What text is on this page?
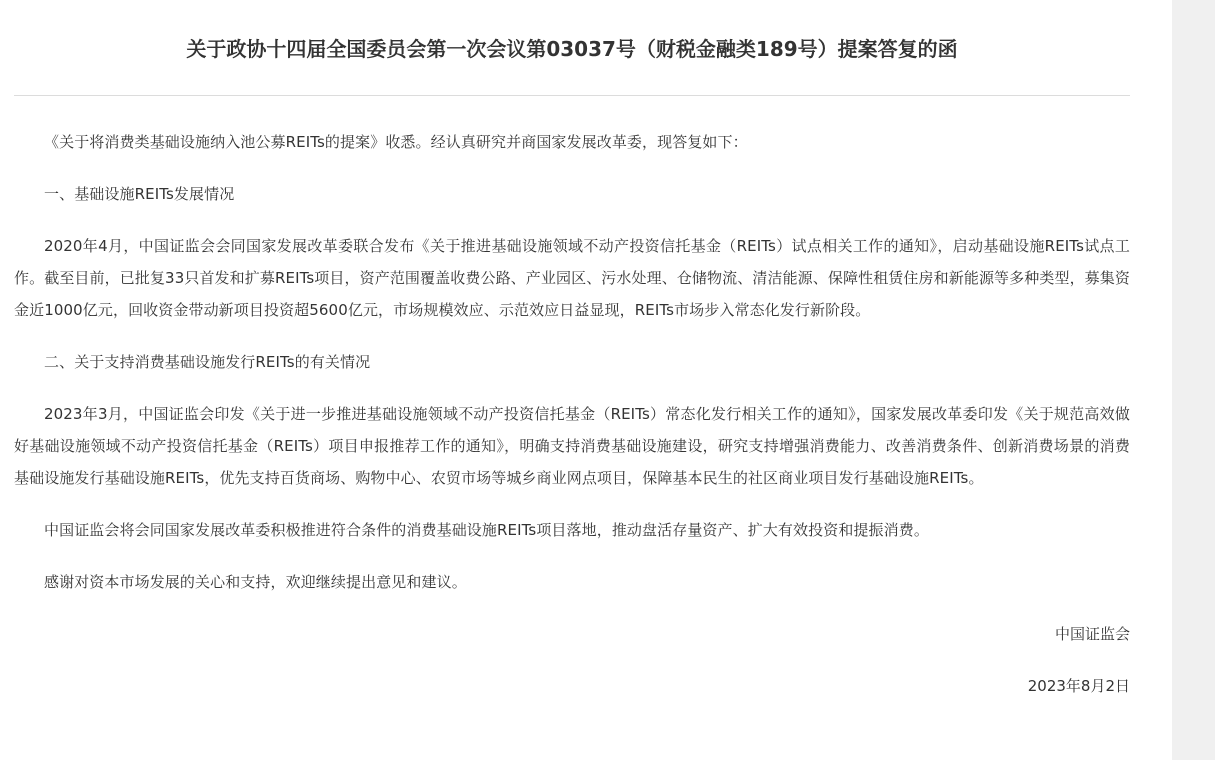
关于政协十四届全国委员会第一次会议第03037号（财税金融类189号）提案答复的函

《关于将消费类基础设施纳入池公募REITs的提案》收悉。经认真研究并商国家发展改革委，现答复如下：

一、基础设施REITs发展情况

2020年4月，中国证监会会同国家发展改革委联合发布《关于推进基础设施领域不动产投资信托基金（REITs）试点相关工作的通知》，启动基础设施REITs试点工作。截至目前，已批复33只首发和扩募REITs项目，资产范围覆盖收费公路、产业园区、污水处理、仓储物流、清洁能源、保障性租赁住房和新能源等多种类型，募集资金近1000亿元，回收资金带动新项目投资超5600亿元，市场规模效应、示范效应日益显现，REITs市场步入常态化发行新阶段。

二、关于支持消费基础设施发行REITs的有关情况

2023年3月，中国证监会印发《关于进一步推进基础设施领域不动产投资信托基金（REITs）常态化发行相关工作的通知》，国家发展改革委印发《关于规范高效做好基础设施领域不动产投资信托基金（REITs）项目申报推荐工作的通知》，明确支持消费基础设施建设，研究支持增强消费能力、改善消费条件、创新消费场景的消费基础设施发行基础设施REITs，优先支持百货商场、购物中心、农贸市场等城乡商业网点项目，保障基本民生的社区商业项目发行基础设施REITs。

中国证监会将会同国家发展改革委积极推进符合条件的消费基础设施REITs项目落地，推动盘活存量资产、扩大有效投资和提振消费。

感谢对资本市场发展的关心和支持，欢迎继续提出意见和建议。

中国证监会

2023年8月2日
